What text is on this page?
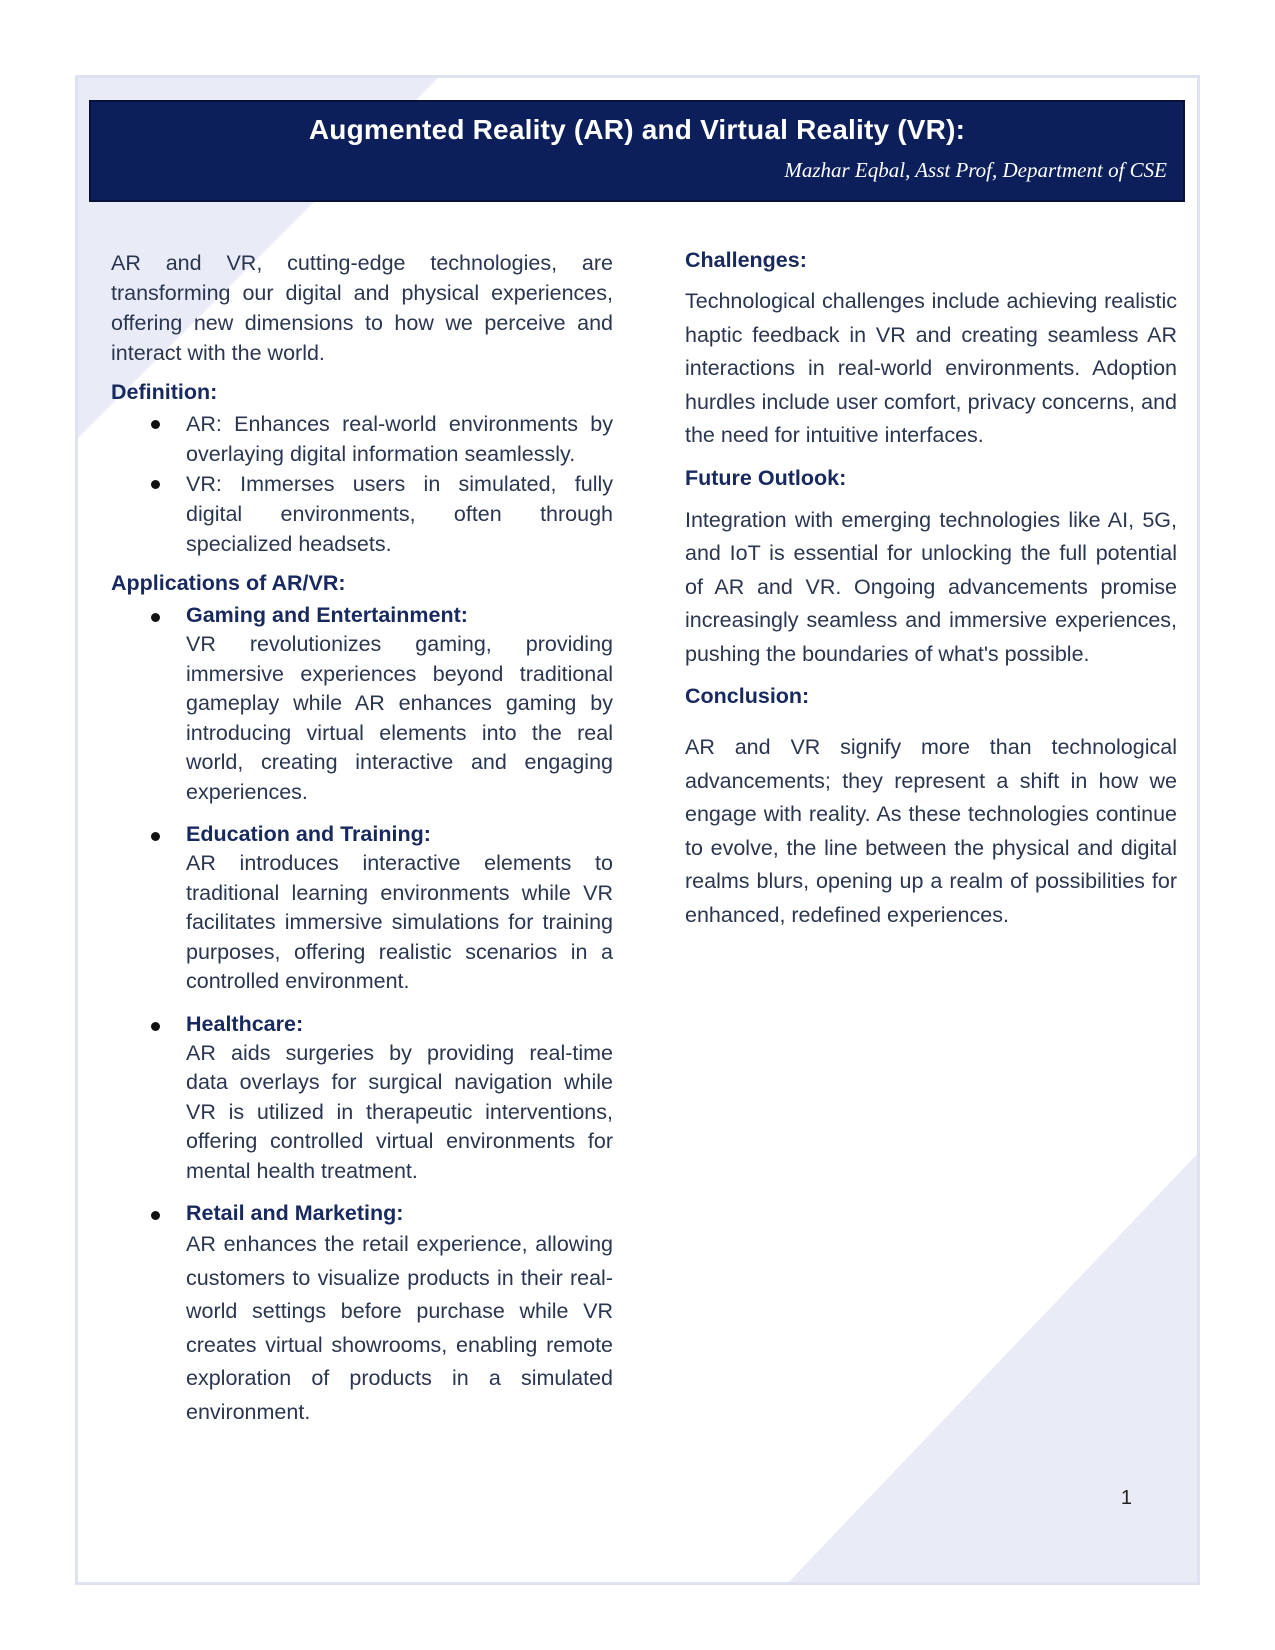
Augmented Reality (AR) and Virtual Reality (VR):
Mazhar Eqbal, Asst Prof, Department of CSE

AR and VR, cutting-edge technologies, are transforming our digital and physical experiences, offering new dimensions to how we perceive and interact with the world.

Definition:
AR: Enhances real-world environments by overlaying digital information seamlessly.
VR: Immerses users in simulated, fully digital environments, often through specialized headsets.
Applications of AR/VR:
Gaming and Entertainment:
VR revolutionizes gaming, providing immersive experiences beyond traditional gameplay while AR enhances gaming by introducing virtual elements into the real world, creating interactive and engaging experiences.
Education and Training:
AR introduces interactive elements to traditional learning environments while VR facilitates immersive simulations for training purposes, offering realistic scenarios in a controlled environment.
Healthcare:
AR aids surgeries by providing real-time data overlays for surgical navigation while VR is utilized in therapeutic interventions, offering controlled virtual environments for mental health treatment.
Retail and Marketing:
AR enhances the retail experience, allowing customers to visualize products in their real-world settings before purchase while VR creates virtual showrooms, enabling remote exploration of products in a simulated environment.
Challenges:

Technological challenges include achieving realistic haptic feedback in VR and creating seamless AR interactions in real-world environments. Adoption hurdles include user comfort, privacy concerns, and the need for intuitive interfaces.

Future Outlook:

Integration with emerging technologies like AI, 5G, and IoT is essential for unlocking the full potential of AR and VR. Ongoing advancements promise increasingly seamless and immersive experiences, pushing the boundaries of what's possible.

Conclusion:

AR and VR signify more than technological advancements; they represent a shift in how we engage with reality. As these technologies continue to evolve, the line between the physical and digital realms blurs, opening up a realm of possibilities for enhanced, redefined experiences.

1
